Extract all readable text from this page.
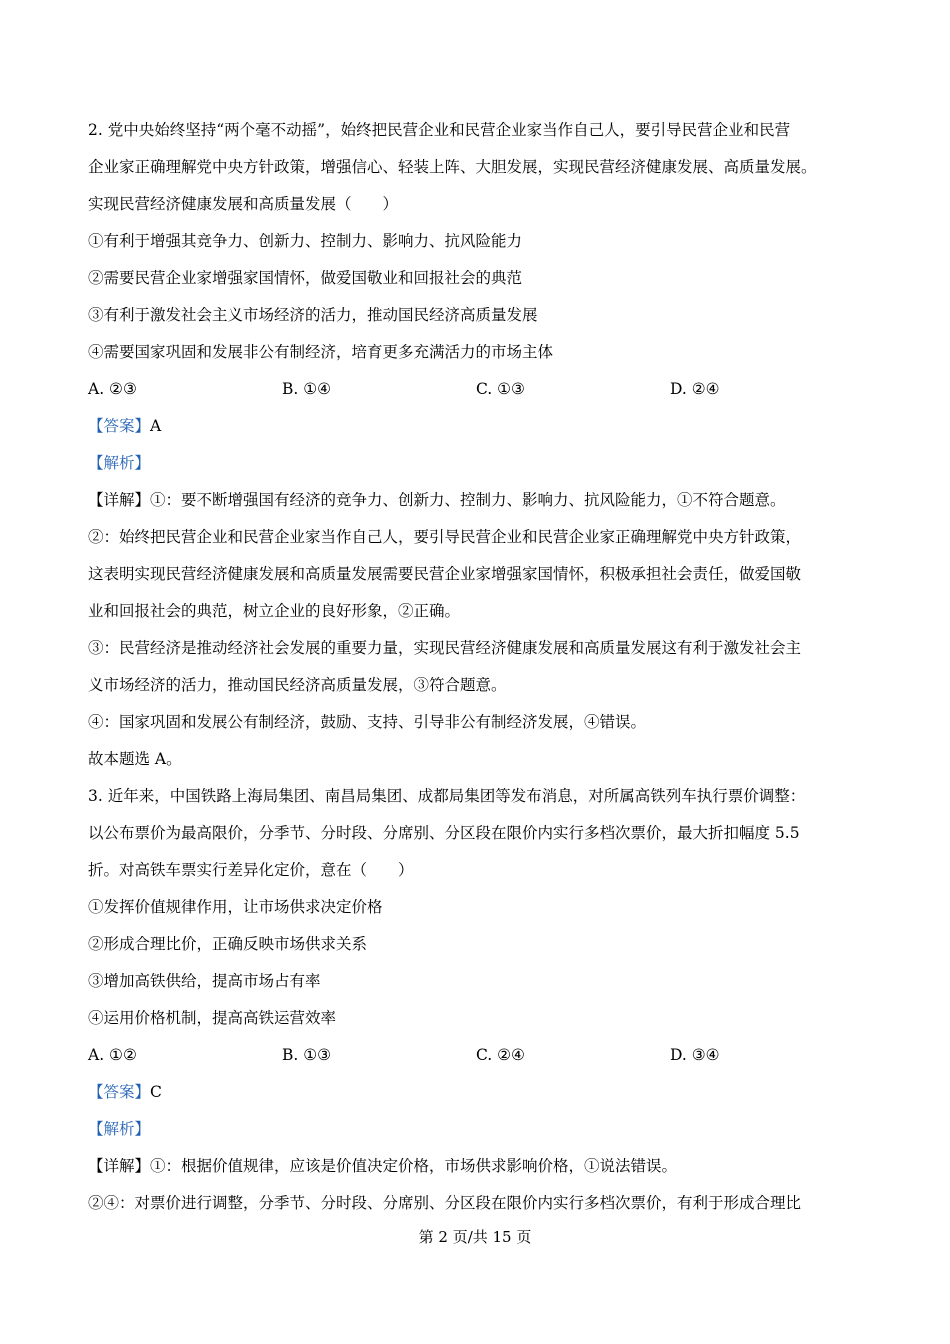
2. 党中央始终坚持“两个毫不动摇”，始终把民营企业和民营企业家当作自己人，要引导民营企业和民营
企业家正确理解党中央方针政策，增强信心、轻装上阵、大胆发展，实现民营经济健康发展、高质量发展。
实现民营经济健康发展和高质量发展（　　）
①有利于增强其竞争力、创新力、控制力、影响力、抗风险能力
②需要民营企业家增强家国情怀，做爱国敬业和回报社会的典范
③有利于激发社会主义市场经济的活力，推动国民经济高质量发展
④需要国家巩固和发展非公有制经济，培育更多充满活力的市场主体
A. ②③	B. ①④	C. ①③	D. ②④
【答案】A
【解析】
【详解】①：要不断增强国有经济的竞争力、创新力、控制力、影响力、抗风险能力，①不符合题意。
②：始终把民营企业和民营企业家当作自己人，要引导民营企业和民营企业家正确理解党中央方针政策，
这表明实现民营经济健康发展和高质量发展需要民营企业家增强家国情怀，积极承担社会责任，做爱国敬
业和回报社会的典范，树立企业的良好形象，②正确。
③：民营经济是推动经济社会发展的重要力量，实现民营经济健康发展和高质量发展这有利于激发社会主
义市场经济的活力，推动国民经济高质量发展，③符合题意。
④：国家巩固和发展公有制经济，鼓励、支持、引导非公有制经济发展，④错误。
故本题选 A。
3. 近年来，中国铁路上海局集团、南昌局集团、成都局集团等发布消息，对所属高铁列车执行票价调整：
以公布票价为最高限价，分季节、分时段、分席别、分区段在限价内实行多档次票价，最大折扣幅度 5.5
折。对高铁车票实行差异化定价，意在（　　）
①发挥价值规律作用，让市场供求决定价格
②形成合理比价，正确反映市场供求关系
③增加高铁供给，提高市场占有率
④运用价格机制，提高高铁运营效率
A. ①②	B. ①③	C. ②④	D. ③④
【答案】C
【解析】
【详解】①：根据价值规律，应该是价值决定价格，市场供求影响价格，①说法错误。
②④：对票价进行调整，分季节、分时段、分席别、分区段在限价内实行多档次票价，有利于形成合理比
第 2 页/共 15 页
